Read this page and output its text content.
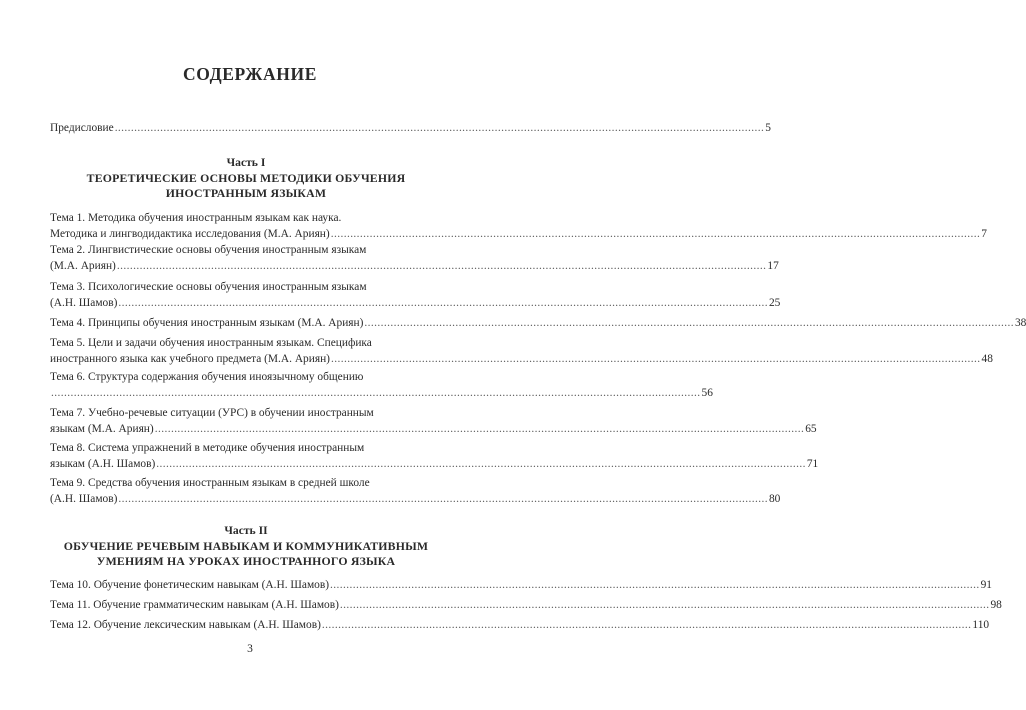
СОДЕРЖАНИЕ
Предисловие ........................................................................................................................................................................................................ 5
Часть I
ТЕОРЕТИЧЕСКИЕ ОСНОВЫ МЕТОДИКИ ОБУЧЕНИЯ
ИНОСТРАННЫМ ЯЗЫКАМ
Тема 1. Методика обучения иностранным языкам как наука.
Методика и лингводидактика исследования (М.А. Ариян) ........................................................................................................................................................................................................ 7
Тема 2. Лингвистические основы обучения иностранным языкам
(М.А. Ариян) ........................................................................................................................................................................................................ 17
Тема 3. Психологические основы обучения иностранным языкам
(А.Н. Шамов) ........................................................................................................................................................................................................ 25
Тема 4. Принципы обучения иностранным языкам (М.А. Ариян) ........................................................................................................................................................................................................ 38
Тема 5. Цели и задачи обучения иностранным языкам. Специфика
иностранного языка как учебного предмета (М.А. Ариян) ........................................................................................................................................................................................................ 48
Тема 6. Структура содержания обучения иноязычному общению
........................................................................................................................................................................................................ 56
Тема 7. Учебно-речевые ситуации (УРС) в обучении иностранным
языкам (М.А. Ариян) ........................................................................................................................................................................................................ 65
Тема 8. Система упражнений в методике обучения иностранным
языкам (А.Н. Шамов) ........................................................................................................................................................................................................ 71
Тема 9. Средства обучения иностранным языкам в средней школе
(А.Н. Шамов) ........................................................................................................................................................................................................ 80
Часть II
ОБУЧЕНИЕ РЕЧЕВЫМ НАВЫКАМ И КОММУНИКАТИВНЫМ
УМЕНИЯМ НА УРОКАХ ИНОСТРАННОГО ЯЗЫКА
Тема 10. Обучение фонетическим навыкам (А.Н. Шамов) ........................................................................................................................................................................................................ 91
Тема 11. Обучение грамматическим навыкам (А.Н. Шамов) ........................................................................................................................................................................................................ 98
Тема 12. Обучение лексическим навыкам (А.Н. Шамов) ........................................................................................................................................................................................................ 110
3
